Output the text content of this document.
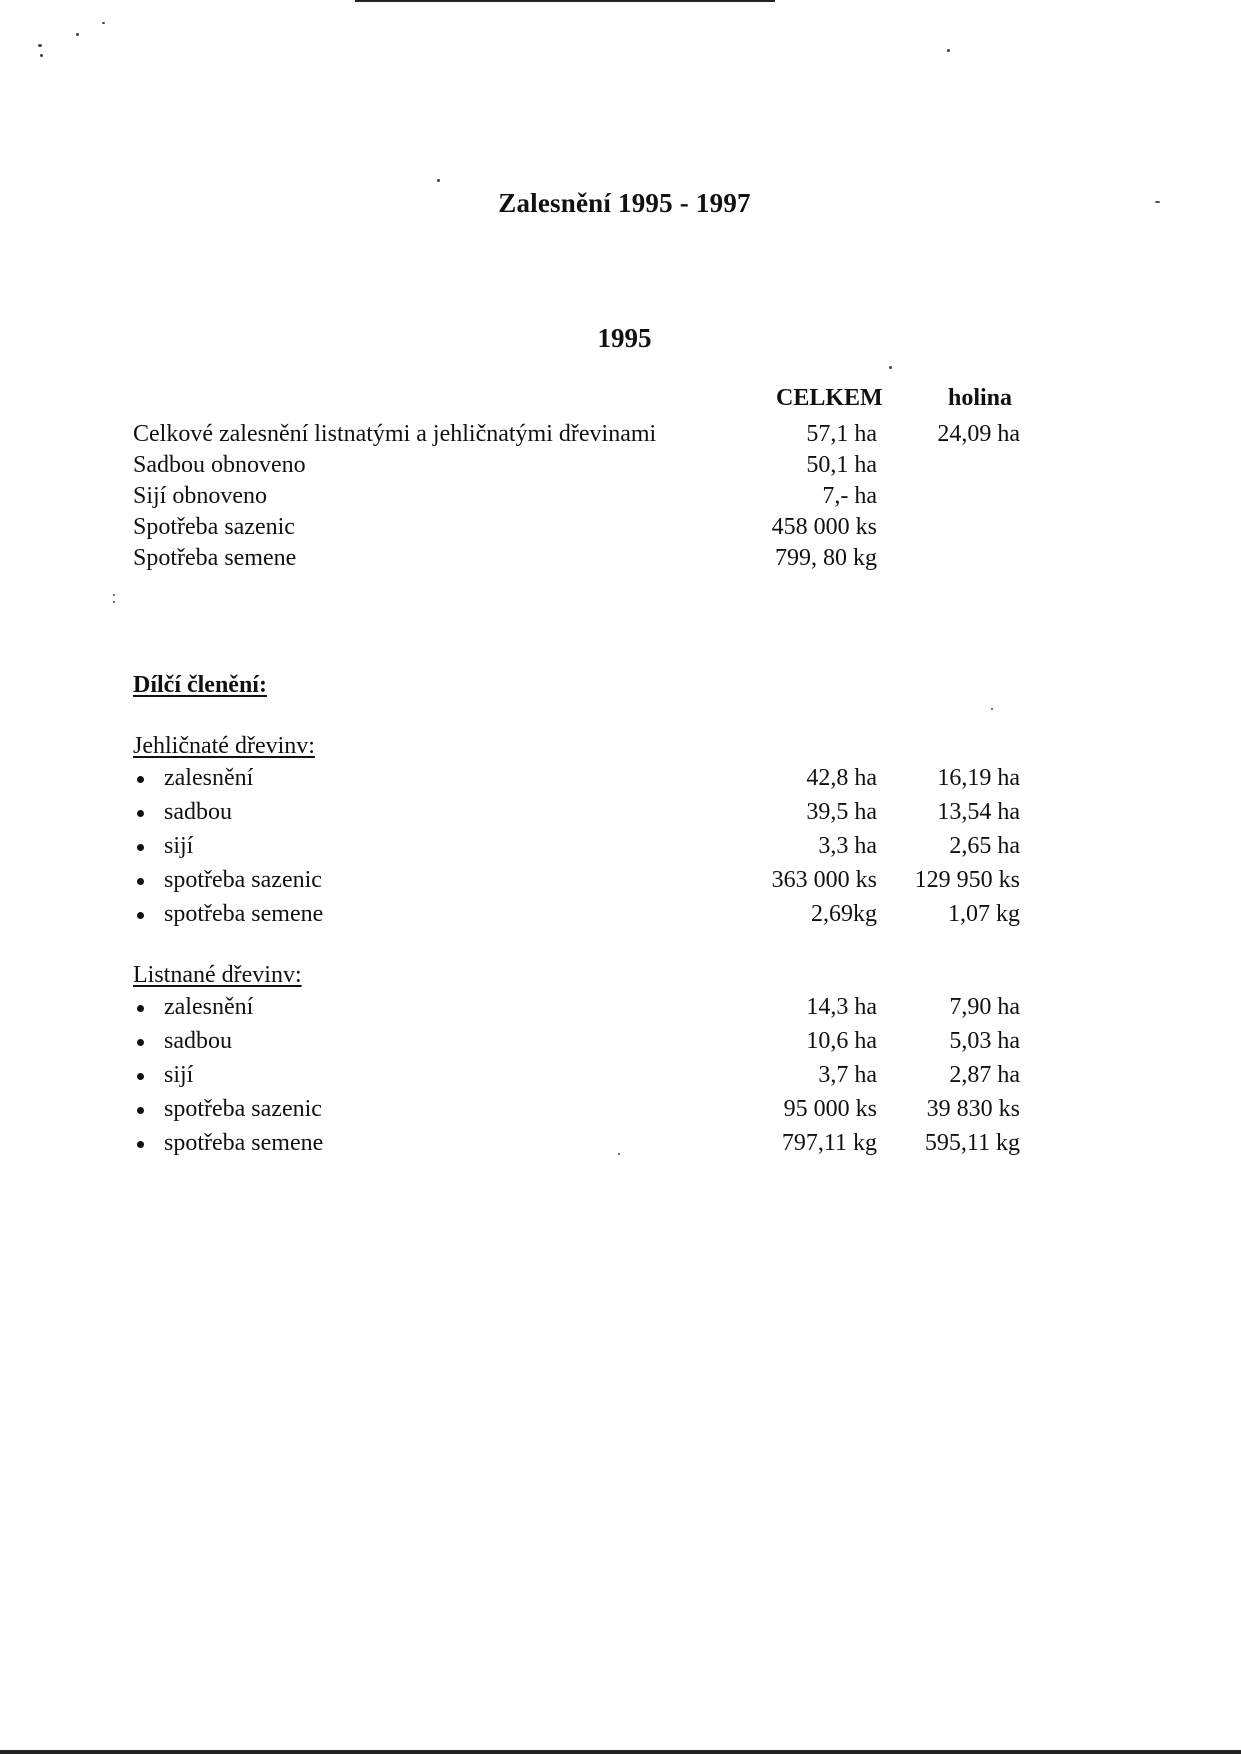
Zalesnění 1995 - 1997
1995
CELKEM	holina
Celkové zalesnění listnatými a jehličnatými dřevinami	57,1 ha	24,09 ha
Sadbou obnoveno	50,1 ha
Sijí obnoveno	7,- ha
Spotřeba sazenic	458 000 ks
Spotřeba semene	799, 80 kg
Dílčí členění:
Jehličnaté dřevinv:
zalesnění	42,8 ha	16,19 ha
sadbou	39,5 ha	13,54 ha
sijí	3,3 ha	2,65 ha
spotřeba sazenic	363 000 ks 129 950 ks
spotřeba semene	2,69kg	1,07 kg
Listnané dřevinv:
zalesnění	14,3 ha	7,90 ha
sadbou	10,6 ha	5,03 ha
sijí	3,7 ha	2,87 ha
spotřeba sazenic	95 000 ks 39 830 ks
spotřeba semene	797,11 kg 595,11 kg
